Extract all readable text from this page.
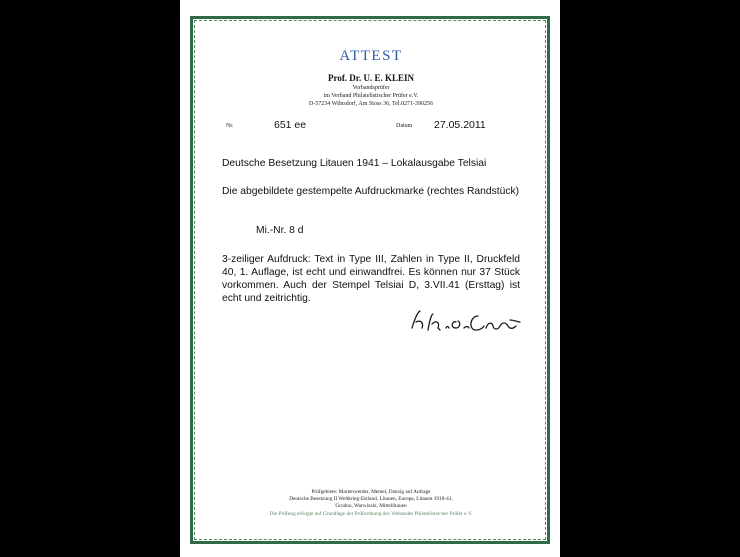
ATTEST
Prof. Dr. U. E. KLEIN
Verbandsprüfer
im Verband Philatelistischer Prüfer e.V.
D-57234 Wilnsdorf, Am Stoss 36, Tel.0271-390256
Nr.	651 ee	Datum 27.05.2011
Deutsche Besetzung Litauen 1941 – Lokalausgabe Telsiai
Die abgebildete gestempelte Aufdruckmarke (rechtes Randstück)
Mi.-Nr. 8 d
3-zeiliger Aufdruck: Text in Type III, Zahlen in Type II, Druckfeld 40, 1. Auflage, ist echt und einwandfrei. Es können nur 37 Stück vorkommen. Auch der Stempel Telsiai D, 3.VII.41 (Ersttag) ist echt und zeitrichtig.
Prüfgebiete: Marienwerder, Memel, Danzig auf Anfrage
Deutsche Besetzung II Weltkrieg-Estland, Litauen, Europa, Litauen 1918-41,
Grodno, Warwiszki, Mittellitauen
Die Prüfung erfolgte auf Grundlage der Prüfordnung des Verbandes Philatelistischer Prüfer e.V.
